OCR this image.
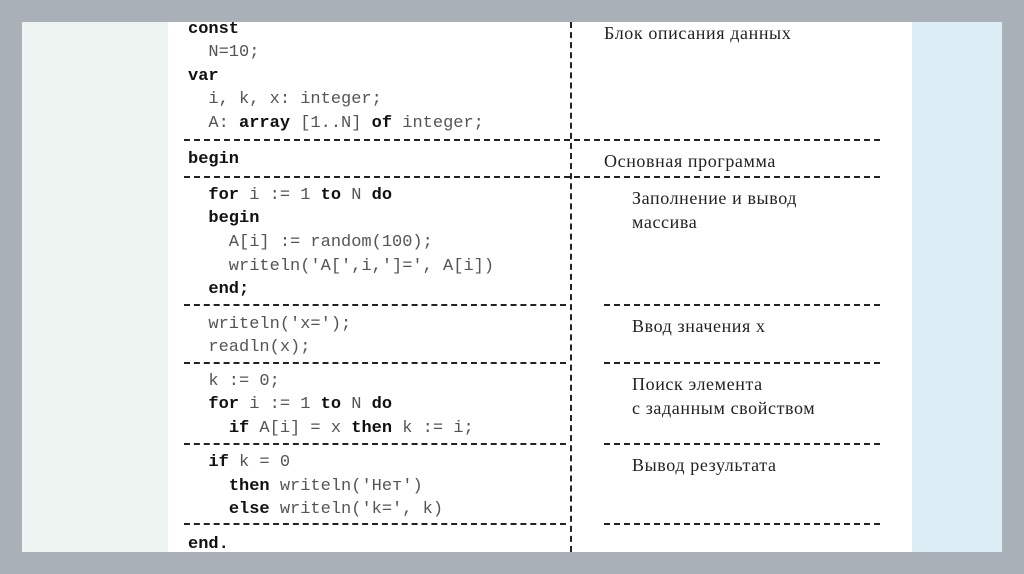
const
N=10;
var
i, k, x: integer;
A: array [1..N] of integer;
begin
for i := 1 to N do
begin
A[i] := random(100);
writeln('A[',i,']=', A[i])
end;
writeln('x=');
readln(x);
k := 0;
for i := 1 to N do
if A[i] = x then k := i;
if k = 0
then writeln('Нет')
else writeln('k=', k)
end.
Блок описания данных
Основная программа
Заполнение и вывод
массива
Ввод значения x
Поиск элемента
с заданным свойством
Вывод результата
